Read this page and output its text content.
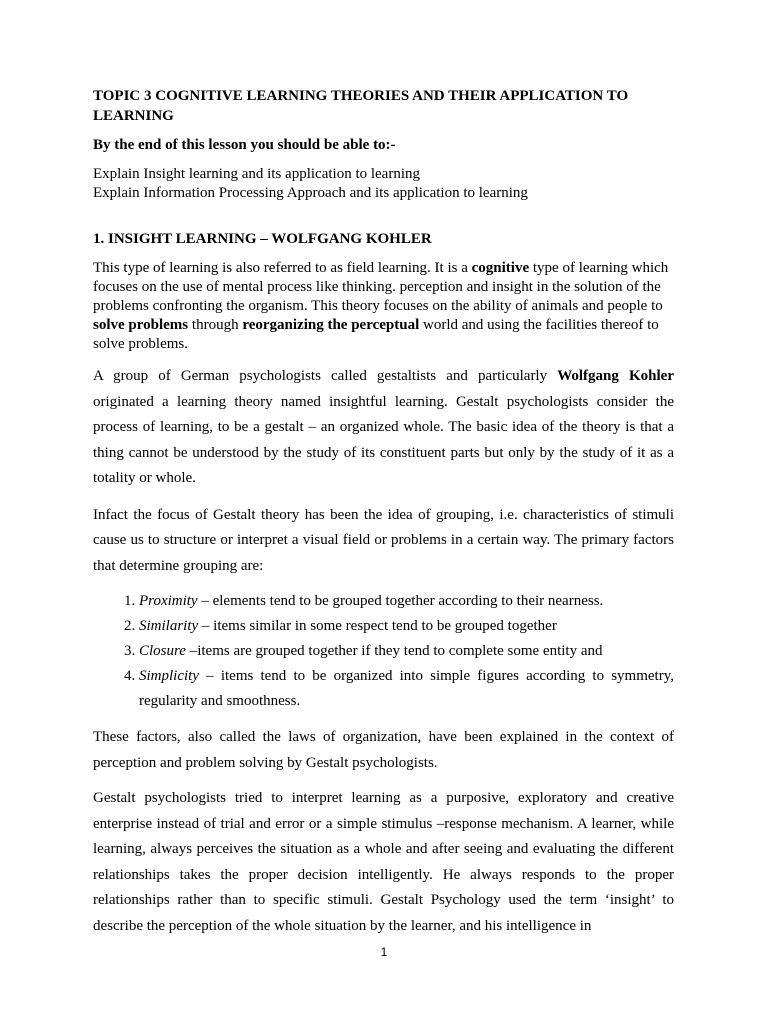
TOPIC 3 COGNITIVE LEARNING THEORIES AND THEIR APPLICATION TO LEARNING

By the end of this lesson you should be able to:-

Explain Insight learning and its application to learning
Explain Information Processing Approach and its application to learning

1. INSIGHT LEARNING – WOLFGANG KOHLER

This type of learning is also referred to as field learning. It is a cognitive type of learning which focuses on the use of mental process like thinking. perception and insight in the solution of the problems confronting the organism. This theory focuses on the ability of animals and people to solve problems through reorganizing the perceptual world and using the facilities thereof to solve problems.

A group of German psychologists called gestaltists and particularly Wolfgang Kohler originated a learning theory named insightful learning. Gestalt psychologists consider the process of learning, to be a gestalt – an organized whole. The basic idea of the theory is that a thing cannot be understood by the study of its constituent parts but only by the study of it as a totality or whole.

Infact the focus of Gestalt theory has been the idea of grouping, i.e. characteristics of stimuli cause us to structure or interpret a visual field or problems in a certain way. The primary factors that determine grouping are:

1. Proximity – elements tend to be grouped together according to their nearness.
2. Similarity – items similar in some respect tend to be grouped together
3. Closure –items are grouped together if they tend to complete some entity and
4. Simplicity – items tend to be organized into simple figures according to symmetry, regularity and smoothness.

These factors, also called the laws of organization, have been explained in the context of perception and problem solving by Gestalt psychologists.

Gestalt psychologists tried to interpret learning as a purposive, exploratory and creative enterprise instead of trial and error or a simple stimulus –response mechanism. A learner, while learning, always perceives the situation as a whole and after seeing and evaluating the different relationships takes the proper decision intelligently. He always responds to the proper relationships rather than to specific stimuli. Gestalt Psychology used the term ‘insight’ to describe the perception of the whole situation by the learner, and his intelligence in

1
